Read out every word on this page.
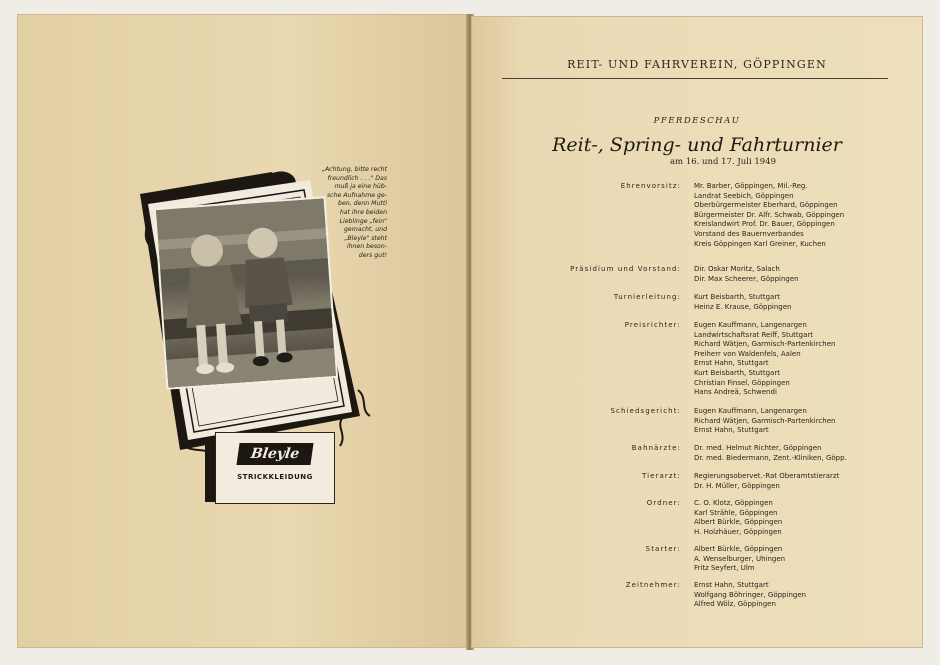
„Achtung, bitte recht
freundlich . . ." Das
muß ja eine hüb-
sche Aufnahme ge-
ben, denn Mutti
hat ihre beiden
Lieblinge „fein"
gemacht, und
„Bleyle" steht
ihnen beson-
ders gut!
Bleyle
STRICKKLEIDUNG
REIT- UND FAHRVEREIN, GÖPPINGEN
PFERDESCHAU
Reit-, Spring- und Fahrturnier
am 16. und 17. Juli 1949
Ehrenvorsitz: Mr. Barber, Göppingen, Mil.-Reg.
Landrat Seebich, Göppingen
Oberbürgermeister Eberhard, Göppingen
Bürgermeister Dr. Alfr. Schwab, Göppingen
Kreislandwirt Prof. Dr. Bauer, Göppingen
Vorstand des Bauernverbandes
Kreis Göppingen Karl Greiner, Kuchen
Präsidium und Vorstand: Dir. Oskar Moritz, Salach
Dir. Max Scheerer, Göppingen
Turnierleitung: Kurt Beisbarth, Stuttgart
Heinz E. Krause, Göppingen
Preisrichter: Eugen Kauffmann, Langenargen
Landwirtschaftsrat Reiff, Stuttgart
Richard Wätjen, Garmisch-Partenkirchen
Freiherr von Waldenfels, Aalen
Ernst Hahn, Stuttgart
Kurt Beisbarth, Stuttgart
Christian Finsel, Göppingen
Hans Andreä, Schwendi
Schiedsgericht: Eugen Kauffmann, Langenargen
Richard Wätjen, Garmisch-Partenkirchen
Ernst Hahn, Stuttgart
Bahnärzte: Dr. med. Helmut Richter, Göppingen
Dr. med. Biedermann, Zent.-Kliniken, Göpp.
Tierarzt: Regierungsobervet.-Rat Oberamtstierarzt
Dr. H. Müller, Göppingen
Ordner: C. O. Klotz, Göppingen
Karl Strähle, Göppingen
Albert Bürkle, Göppingen
H. Holzhäuer, Göppingen
Starter: Albert Bürkle, Göppingen
A. Wenselburger, Uhingen
Fritz Seyfert, Ulm
Zeitnehmer: Ernst Hahn, Stuttgart
Wolfgang Böhringer, Göppingen
Alfred Wölz, Göppingen
